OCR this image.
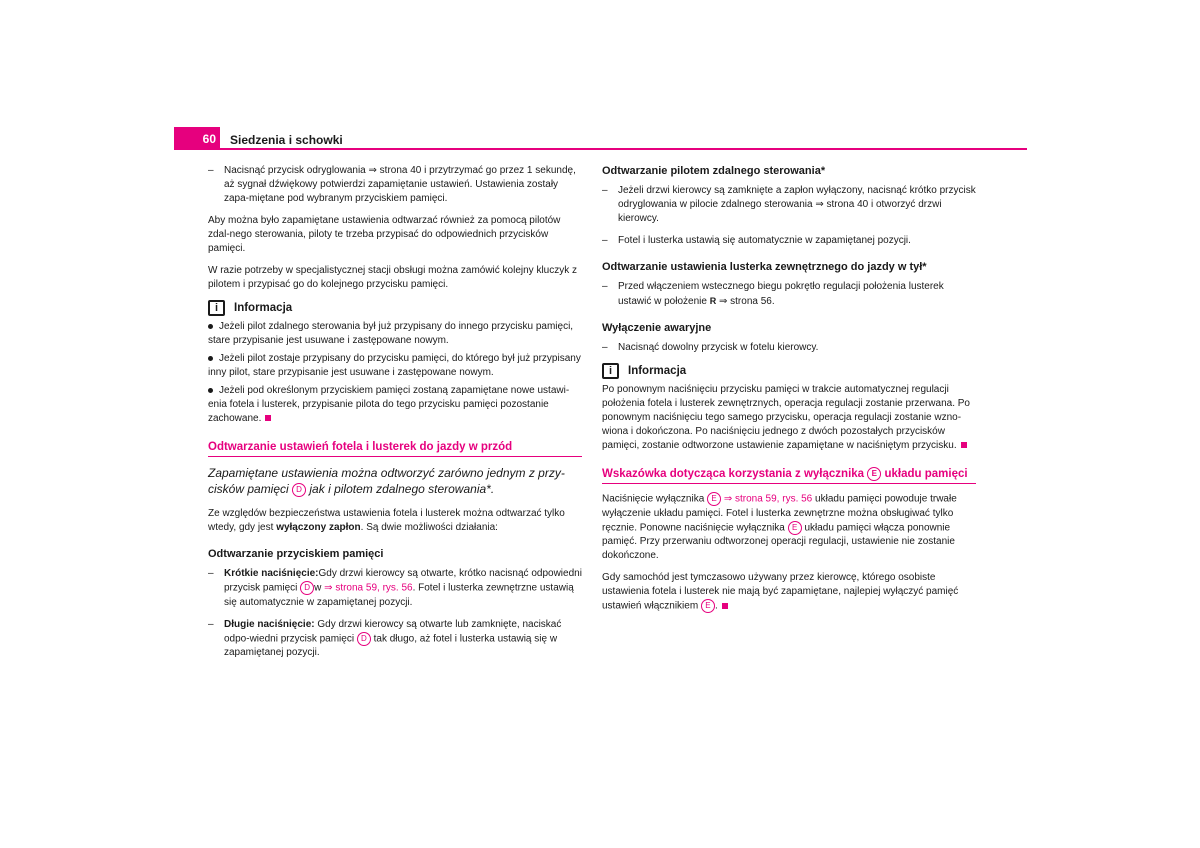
60	Siedzenia i schowki
– Nacisnąć przycisk odryglowania ⇒ strona 40 i przytrzymać go przez 1 sekundę, aż sygnał dźwiękowy potwierdzi zapamiętanie ustawień. Ustawienia zostały zapa-miętane pod wybranym przyciskiem pamięci.

Aby można było zapamiętane ustawienia odtwarzać również za pomocą pilotów zdal-nego sterowania, piloty te trzeba przypisać do odpowiednich przycisków pamięci.

W razie potrzeby w specjalistycznej stacji obsługi można zamówić kolejny kluczyk z pilotem i przypisać go do kolejnego przycisku pamięci.

i	Informacja
Jeżeli pilot zdalnego sterowania był już przypisany do innego przycisku pamięci, stare przypisanie jest usuwane i zastępowane nowym.
Jeżeli pilot zostaje przypisany do przycisku pamięci, do którego był już przypisany inny pilot, stare przypisanie jest usuwane i zastępowane nowym.
Jeżeli pod określonym przyciskiem pamięci zostaną zapamiętane nowe ustawi-enia fotela i lusterek, przypisanie pilota do tego przycisku pamięci pozostanie zachowane.
Odtwarzanie ustawień fotela i lusterek do jazdy w przód
Zapamiętane ustawienia można odtworzyć zarówno jednym z przy-cisków pamięci D jak i pilotem zdalnego sterowania*.

Ze względów bezpieczeństwa ustawienia fotela i lusterek można odtwarzać tylko wtedy, gdy jest wyłączony zapłon. Są dwie możliwości działania:

Odtwarzanie przyciskiem pamięci
– Krótkie naciśnięcie:Gdy drzwi kierowcy są otwarte, krótko nacisnąć odpowiedni przycisk pamięci D w ⇒ strona 59, rys. 56. Fotel i lusterka zewnętrzne ustawią się automatycznie w zapamiętanej pozycji.
– Długie naciśnięcie: Gdy drzwi kierowcy są otwarte lub zamknięte, naciskać odpo-wiedni przycisk pamięci D tak długo, aż fotel i lusterka ustawią się w zapamiętanej pozycji.
Odtwarzanie pilotem zdalnego sterowania*
– Jeżeli drzwi kierowcy są zamknięte a zapłon wyłączony, nacisnąć krótko przycisk odryglowania w pilocie zdalnego sterowania ⇒ strona 40 i otworzyć drzwi kierowcy.
– Fotel i lusterka ustawią się automatycznie w zapamiętanej pozycji.
Odtwarzanie ustawienia lusterka zewnętrznego do jazdy w tył*
– Przed włączeniem wstecznego biegu pokrętło regulacji położenia lusterek ustawić w położenie R ⇒ strona 56.
Wyłączenie awaryjne
– Nacisnąć dowolny przycisk w fotelu kierowcy.
i	Informacja

Po ponownym naciśnięciu przycisku pamięci w trakcie automatycznej regulacji położenia fotela i lusterek zewnętrznych, operacja regulacji zostanie przerwana. Po ponownym naciśnięciu tego samego przycisku, operacja regulacji zostanie wzno-wiona i dokończona. Po naciśnięciu jednego z dwóch pozostałych przycisków pamięci, zostanie odtworzone ustawienie zapamiętane w naciśniętym przycisku.

Wskazówka dotycząca korzystania z wyłącznika E układu pamięci

Naciśnięcie wyłącznika E ⇒ strona 59, rys. 56 układu pamięci powoduje trwałe wyłączenie układu pamięci. Fotel i lusterka zewnętrzne można obsługiwać tylko ręcznie. Ponowne naciśnięcie wyłącznika E układu pamięci włącza ponownie pamięć. Przy przerwaniu odtworzonej operacji regulacji, ustawienie nie zostanie dokończone.

Gdy samochód jest tymczasowo używany przez kierowcę, którego osobiste ustawienia fotela i lusterek nie mają być zapamiętane, najlepiej wyłączyć pamięć ustawień włącznikiem E .
